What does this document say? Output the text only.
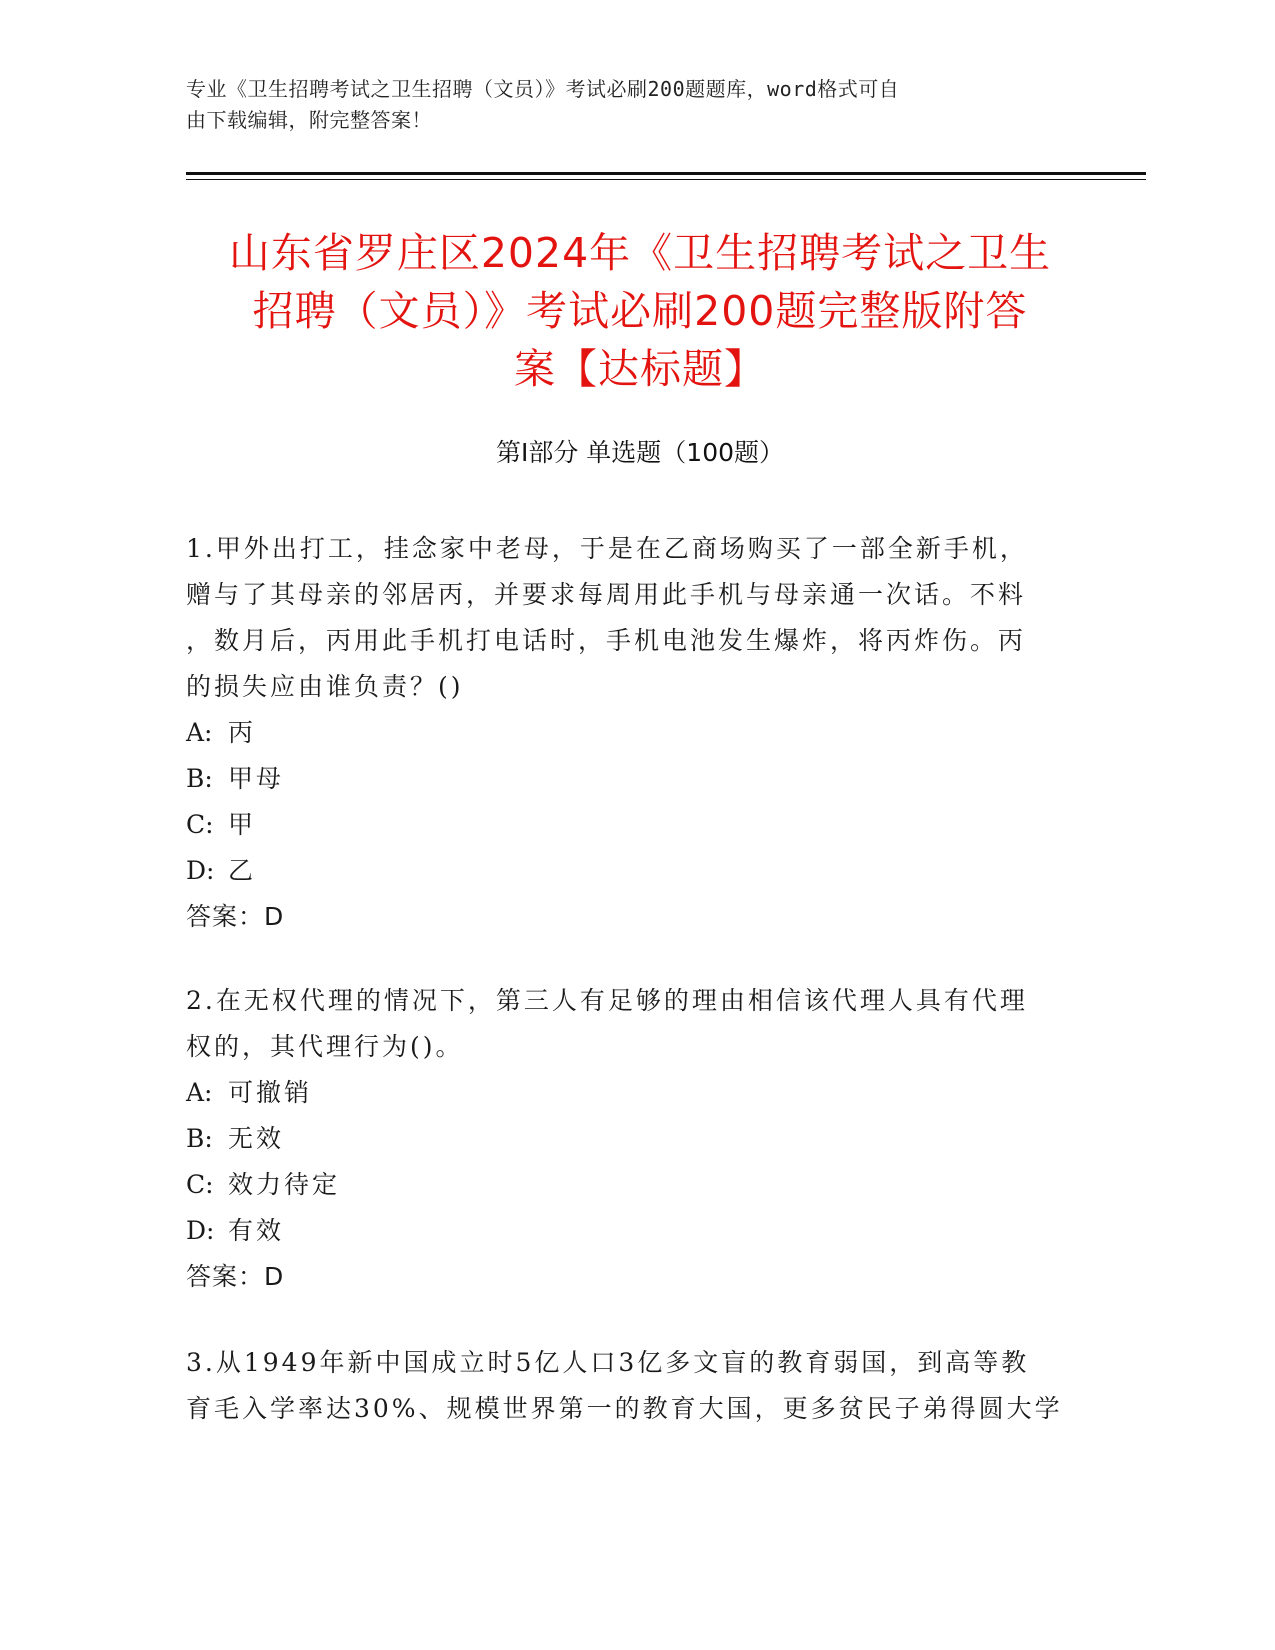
专业《卫生招聘考试之卫生招聘（文员）》考试必刷200题题库，word格式可自
由下载编辑，附完整答案！
山东省罗庄区2024年《卫生招聘考试之卫生
招聘（文员）》考试必刷200题完整版附答
案【达标题】
第I部分 单选题（100题）

1.甲外出打工，挂念家中老母，于是在乙商场购买了一部全新手机，

赠与了其母亲的邻居丙，并要求每周用此手机与母亲通一次话。不料

，数月后，丙用此手机打电话时，手机电池发生爆炸，将丙炸伤。丙

的损失应由谁负责？()

A: 丙

B: 甲母

C: 甲

D: 乙

答案：D

2.在无权代理的情况下，第三人有足够的理由相信该代理人具有代理

权的，其代理行为()。

A: 可撤销

B: 无效

C: 效力待定

D: 有效

答案：D

3.从1949年新中国成立时5亿人口3亿多文盲的教育弱国，到高等教

育毛入学率达30%、规模世界第一的教育大国，更多贫民子弟得圆大学
